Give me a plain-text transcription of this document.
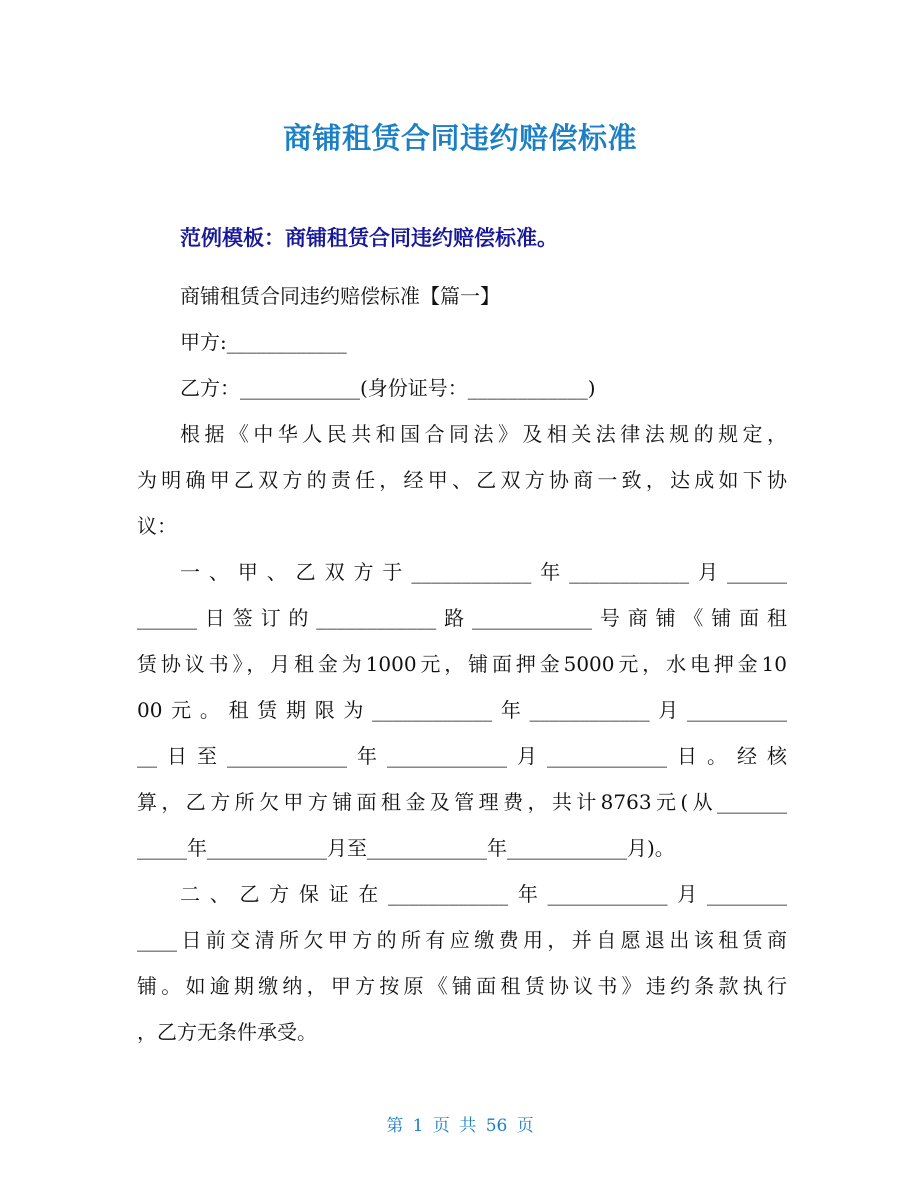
商铺租赁合同违约赔偿标准
范例模板：商铺租赁合同违约赔偿标准。

商铺租赁合同违约赔偿标准【篇一】

甲方:____________

乙方：____________(身份证号：____________)

根据《中华人民共和国合同法》及相关法律法规的规定，

为明确甲乙双方的责任，经甲、乙双方协商一致，达成如下协

议：

一、甲、乙双方于____________年____________月______

______日签订的____________路____________号商铺《铺面租

赁协议书》，月租金为1000元，铺面押金5000元，水电押金10

00元。租赁期限为____________年____________月__________

__日至____________年____________月____________日。经核

算，乙方所欠甲方铺面租金及管理费，共计8763元(从_______

_____年____________月至____________年____________月)。

二、乙方保证在____________年____________月________

____日前交清所欠甲方的所有应缴费用，并自愿退出该租赁商

铺。如逾期缴纳，甲方按原《铺面租赁协议书》违约条款执行

，乙方无条件承受。

第 1 页 共 56 页
